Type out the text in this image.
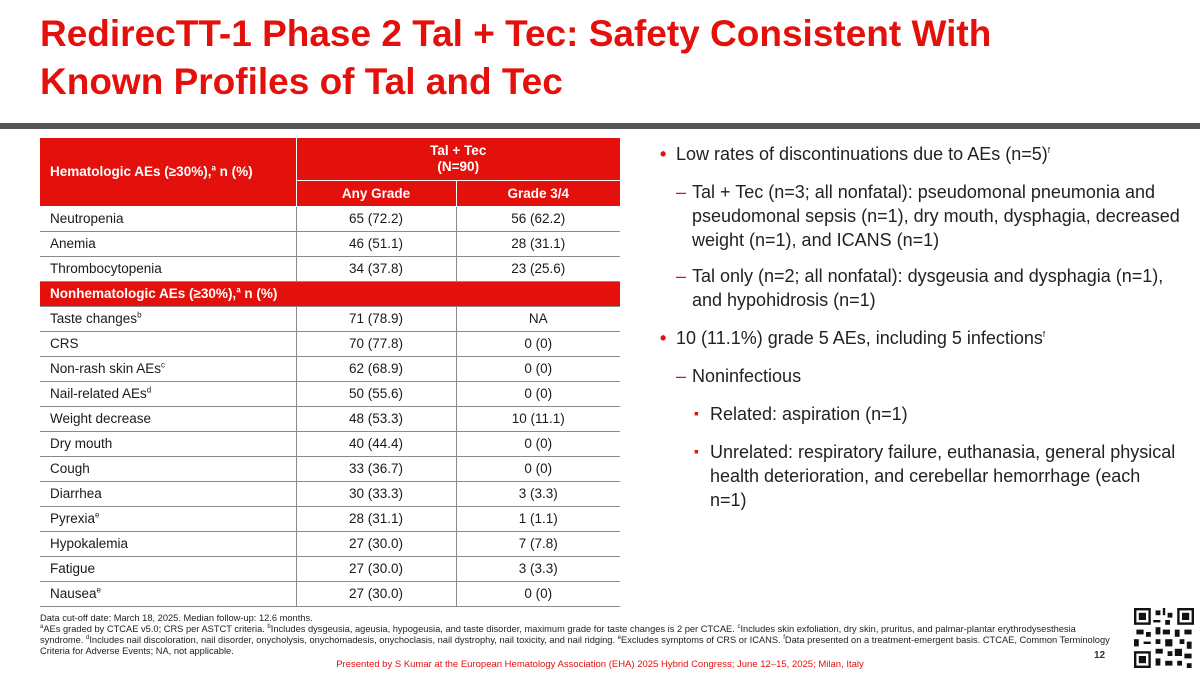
RedirecTT-1 Phase 2 Tal + Tec: Safety Consistent With
Known Profiles of Tal and Tec
Hematologic AEs (≥30%),$^a$ n (%)	Tal + Tec
(N=90)	
	Any Grade	Grade 3/4
Neutropenia	65 (72.2)	56 (62.2)
Anemia	46 (51.1)	28 (31.1)
Thrombocytopenia	34 (37.8)	23 (25.6)
Nonhematologic AEs (≥30%),$^a$ n (%)		
Taste changes$^b$	71 (78.9)	NA
CRS	70 (77.8)	0 (0)
Non-rash skin AEs$^c$	62 (68.9)	0 (0)
Nail-related AEs$^d$	50 (55.6)	0 (0)
Weight decrease	48 (53.3)	10 (11.1)
Dry mouth	40 (44.4)	0 (0)
Cough	33 (36.7)	0 (0)
Diarrhea	30 (33.3)	3 (3.3)
Pyrexia$^e$	28 (31.1)	1 (1.1)
Hypokalemia	27 (30.0)	7 (7.8)
Fatigue	27 (30.0)	3 (3.3)
Nausea$^e$	27 (30.0)	0 (0)
• Low rates of discontinuations due to AEs (n=5)$^f$
– Tal + Tec (n=3; all nonfatal): pseudomonal pneumonia and pseudomonal sepsis (n=1), dry mouth, dysphagia, decreased weight (n=1), and ICANS (n=1)
– Tal only (n=2; all nonfatal): dysgeusia and dysphagia (n=1), and hypohidrosis (n=1)
• 10 (11.1%) grade 5 AEs, including 5 infections$^f$
– Noninfectious
▪ Related: aspiration (n=1)
▪ Unrelated: respiratory failure, euthanasia, general physical health deterioration, and cerebellar hemorrhage (each n=1)
Data cut-off date: March 18, 2025. Median follow-up: 12.6 months.
$^a$AEs graded by CTCAE v5.0; CRS per ASTCT criteria. $^b$Includes dysgeusia, ageusia, hypogeusia, and taste disorder, maximum grade for taste changes is 2 per CTCAE. $^c$Includes skin exfoliation, dry skin, pruritus, and palmar-plantar erythrodysesthesia syndrome. $^d$Includes nail discoloration, nail disorder, onycholysis, onychomadesis, onychoclasis, nail dystrophy, nail toxicity, and nail ridging. $^e$Excludes symptoms of CRS or ICANS. $^f$Data presented on a treatment-emergent basis. CTCAE, Common Terminology Criteria for Adverse Events; NA, not applicable.
Presented by S Kumar at the European Hematology Association (EHA) 2025 Hybrid Congress; June 12–15, 2025; Milan, Italy
12
